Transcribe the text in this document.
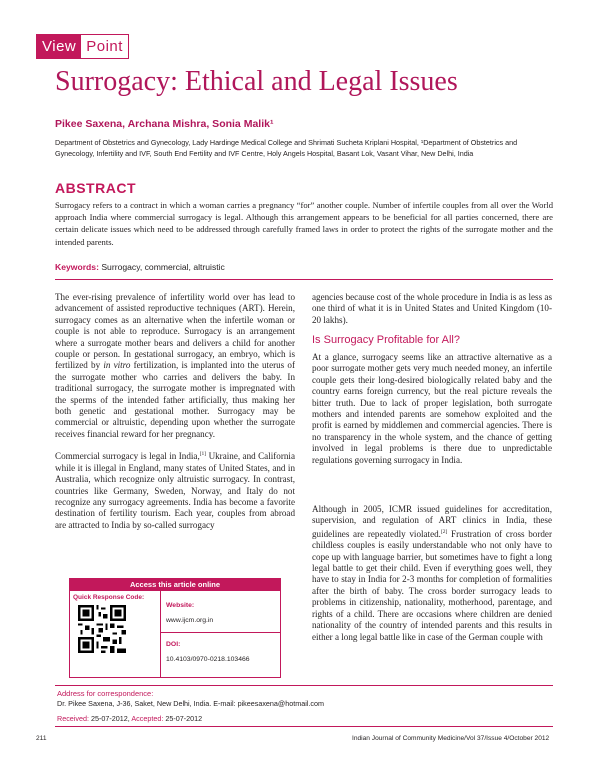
View Point
Surrogacy: Ethical and Legal Issues
Pikee Saxena, Archana Mishra, Sonia Malik¹
Department of Obstetrics and Gynecology, Lady Hardinge Medical College and Shrimati Sucheta Kriplani Hospital, ¹Department of Obstetrics and Gynecology, Infertility and IVF, South End Fertility and IVF Centre, Holy Angels Hospital, Basant Lok, Vasant Vihar, New Delhi, India
ABSTRACT
Surrogacy refers to a contract in which a woman carries a pregnancy “for” another couple. Number of infertile couples from all over the World approach India where commercial surrogacy is legal. Although this arrangement appears to be beneficial for all parties concerned, there are certain delicate issues which need to be addressed through carefully framed laws in order to protect the rights of the surrogate mother and the intended parents.
Keywords: Surrogacy, commercial, altruistic

The ever-rising prevalence of infertility world over has lead to advancement of assisted reproductive techniques (ART). Herein, surrogacy comes as an alternative when the infertile woman or couple is not able to reproduce. Surrogacy is an arrangement where a surrogate mother bears and delivers a child for another couple or person. In gestational surrogacy, an embryo, which is fertilized by in vitro fertilization, is implanted into the uterus of the surrogate mother who carries and delivers the baby. In traditional surrogacy, the surrogate mother is impregnated with the sperms of the intended father artificially, thus making her both genetic and gestational mother. Surrogacy may be commercial or altruistic, depending upon whether the surrogate receives financial reward for her pregnancy.

Commercial surrogacy is legal in India,[1] Ukraine, and California while it is illegal in England, many states of United States, and in Australia, which recognize only altruistic surrogacy. In contrast, countries like Germany, Sweden, Norway, and Italy do not recognize any surrogacy agreements. India has become a favorite destination of fertility tourism. Each year, couples from abroad are attracted to India by so-called surrogacy

agencies because cost of the whole procedure in India is as less as one third of what it is in United States and United Kingdom (10-20 lakhs).

Is Surrogacy Profitable for All?

At a glance, surrogacy seems like an attractive alternative as a poor surrogate mother gets very much needed money, an infertile couple gets their long-desired biologically related baby and the country earns foreign currency, but the real picture reveals the bitter truth. Due to lack of proper legislation, both surrogate mothers and intended parents are somehow exploited and the profit is earned by middlemen and commercial agencies. There is no transparency in the whole system, and the chance of getting involved in legal problems is there due to unpredictable regulations governing surrogacy in India.

Although in 2005, ICMR issued guidelines for accreditation, supervision, and regulation of ART clinics in India, these guidelines are repeatedly violated.[2] Frustration of cross border childless couples is easily understandable who not only have to cope up with language barrier, but sometimes have to fight a long legal battle to get their child. Even if everything goes well, they have to stay in India for 2-3 months for completion of formalities after the birth of baby. The cross border surrogacy leads to problems in citizenship, nationality, motherhood, parentage, and rights of a child. There are occasions where children are denied nationality of the country of intended parents and this results in either a long legal battle like in case of the German couple with

Access this article online
Quick Response Code:
Website:
www.ijcm.org.in
DOI:
10.4103/0970-0218.103466
Address for correspondence:
Dr. Pikee Saxena, J-36, Saket, New Delhi, India. E-mail: pikeesaxena@hotmail.com
Received: 25-07-2012, Accepted: 25-07-2012
211	Indian Journal of Community Medicine/Vol 37/Issue 4/October 2012
